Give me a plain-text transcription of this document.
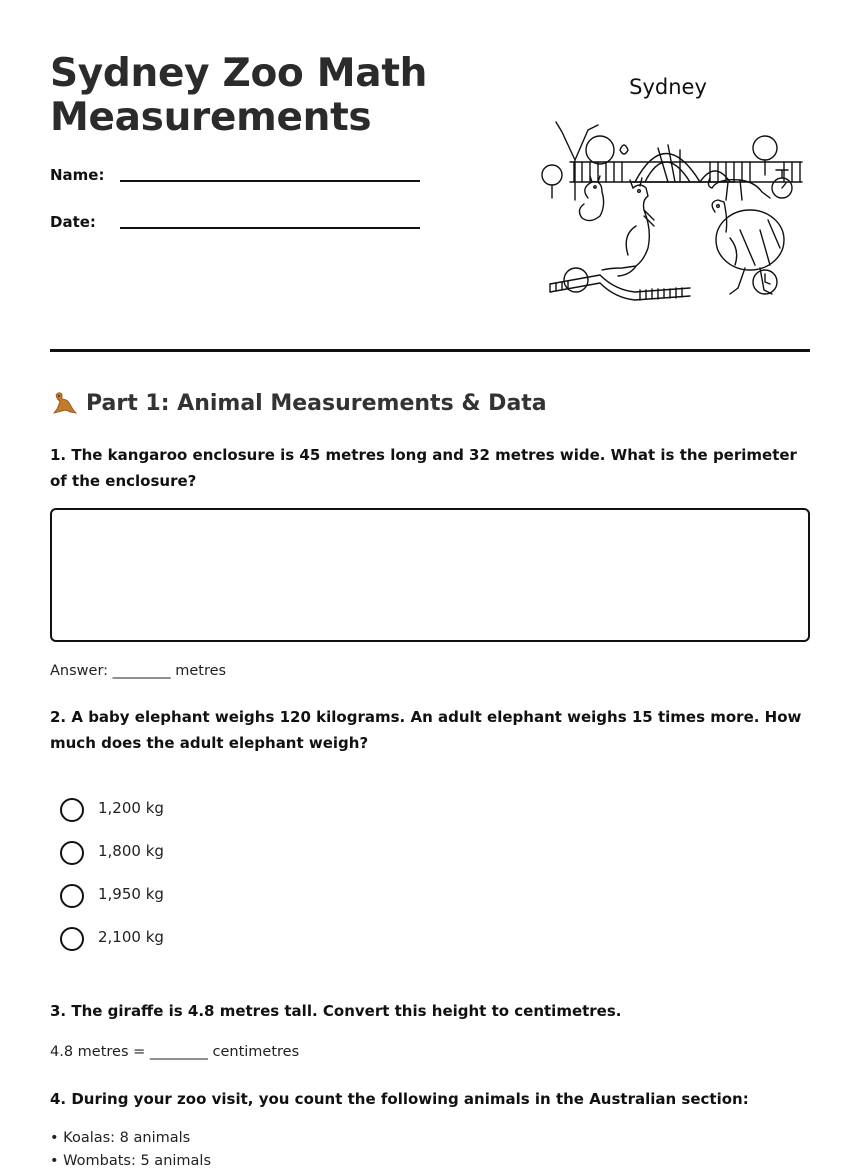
Sydney Zoo Math Measurements
Name:
Date:
Sydney
Part 1: Animal Measurements & Data

1. The kangaroo enclosure is 45 metres long and 32 metres wide. What is the perimeter of the enclosure?

Answer: ________ metres

2. A baby elephant weighs 120 kilograms. An adult elephant weighs 15 times more. How much does the adult elephant weigh?

1,200 kg
1,800 kg
1,950 kg
2,100 kg

3. The giraffe is 4.8 metres tall. Convert this height to centimetres.

4.8 metres = ________ centimetres

4. During your zoo visit, you count the following animals in the Australian section:

• Koalas: 8 animals
• Wombats: 5 animals
